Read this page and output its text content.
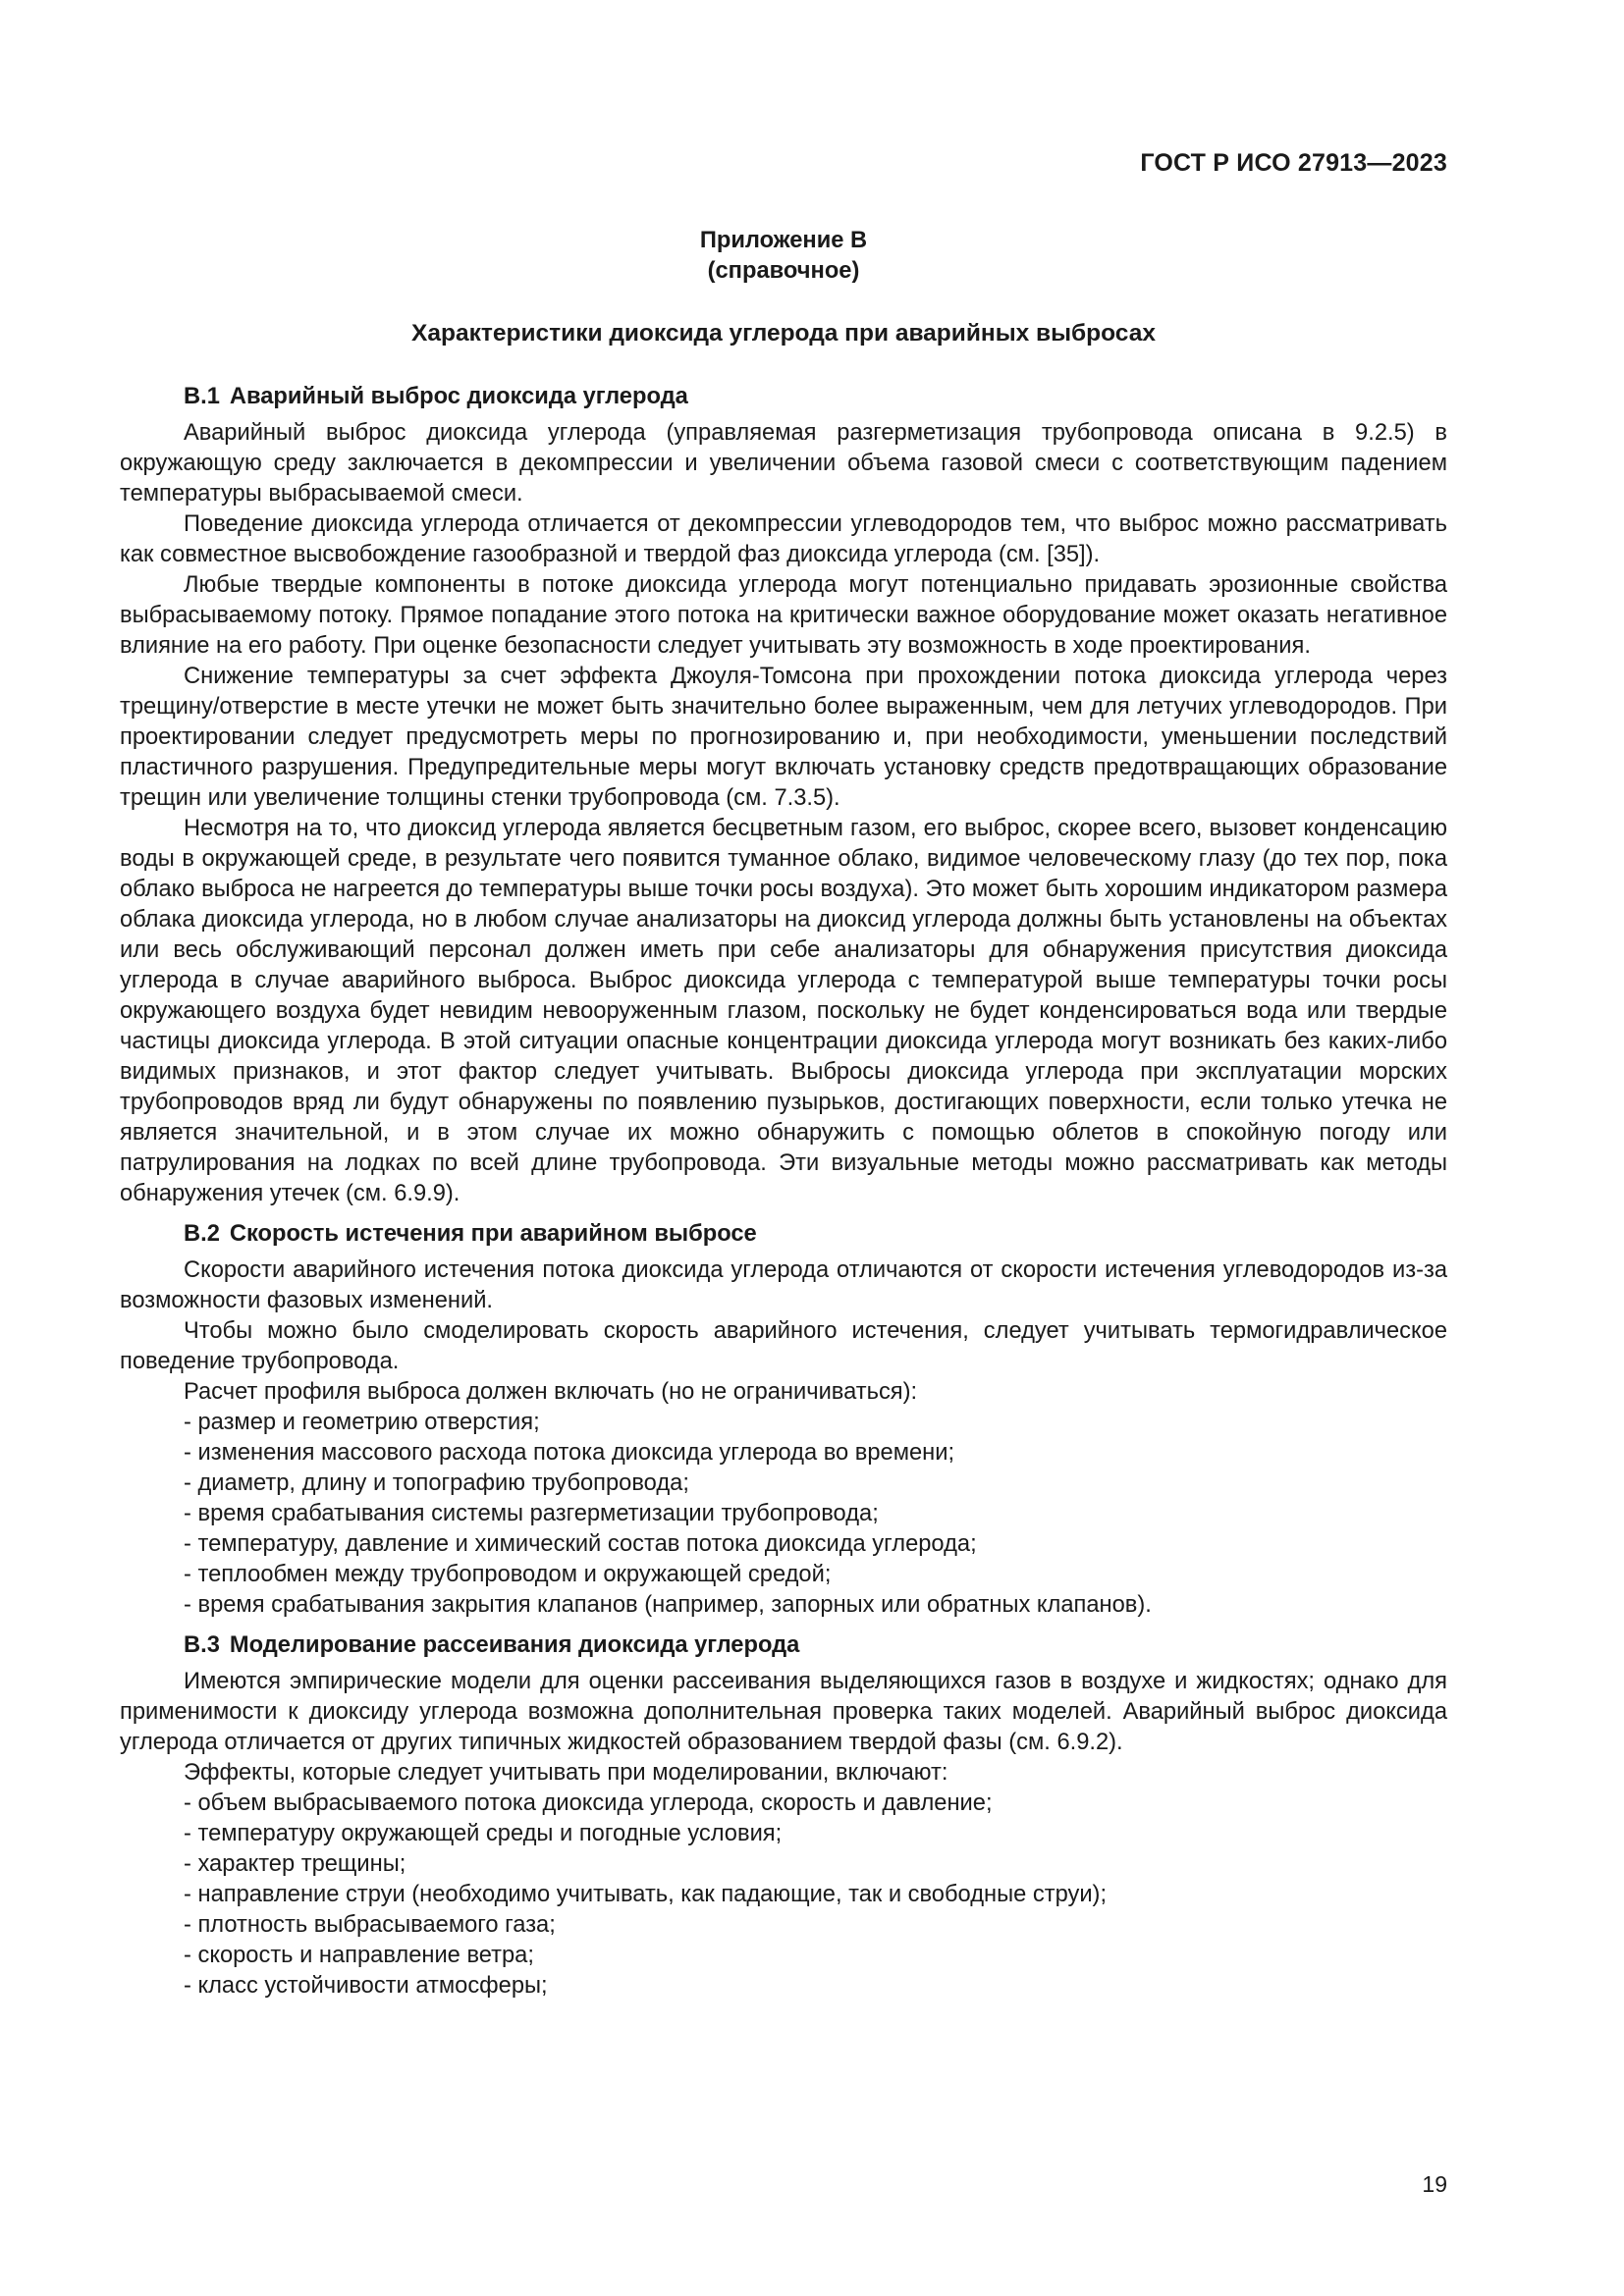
ГОСТ Р ИСО 27913—2023
Приложение В
(справочное)
Характеристики диоксида углерода при аварийных выбросах
В.1 Аварийный выброс диоксида углерода

Аварийный выброс диоксида углерода (управляемая разгерметизация трубопровода описана в 9.2.5) в окружающую среду заключается в декомпрессии и увеличении объема газовой смеси с соответствующим падением температуры выбрасываемой смеси.

Поведение диоксида углерода отличается от декомпрессии углеводородов тем, что выброс можно рассматривать как совместное высвобождение газообразной и твердой фаз диоксида углерода (см. [35]).

Любые твердые компоненты в потоке диоксида углерода могут потенциально придавать эрозионные свойства выбрасываемому потоку. Прямое попадание этого потока на критически важное оборудование может оказать негативное влияние на его работу. При оценке безопасности следует учитывать эту возможность в ходе проектирования.

Снижение температуры за счет эффекта Джоуля-Томсона при прохождении потока диоксида углерода через трещину/отверстие в месте утечки не может быть значительно более выраженным, чем для летучих углеводородов. При проектировании следует предусмотреть меры по прогнозированию и, при необходимости, уменьшении последствий пластичного разрушения. Предупредительные меры могут включать установку средств предотвращающих образование трещин или увеличение толщины стенки трубопровода (см. 7.3.5).

Несмотря на то, что диоксид углерода является бесцветным газом, его выброс, скорее всего, вызовет конденсацию воды в окружающей среде, в результате чего появится туманное облако, видимое человеческому глазу (до тех пор, пока облако выброса не нагреется до температуры выше точки росы воздуха). Это может быть хорошим индикатором размера облака диоксида углерода, но в любом случае анализаторы на диоксид углерода должны быть установлены на объектах или весь обслуживающий персонал должен иметь при себе анализаторы для обнаружения присутствия диоксида углерода в случае аварийного выброса. Выброс диоксида углерода с температурой выше температуры точки росы окружающего воздуха будет невидим невооруженным глазом, поскольку не будет конденсироваться вода или твердые частицы диоксида углерода. В этой ситуации опасные концентрации диоксида углерода могут возникать без каких-либо видимых признаков, и этот фактор следует учитывать. Выбросы диоксида углерода при эксплуатации морских трубопроводов вряд ли будут обнаружены по появлению пузырьков, достигающих поверхности, если только утечка не является значительной, и в этом случае их можно обнаружить с помощью облетов в спокойную погоду или патрулирования на лодках по всей длине трубопровода. Эти визуальные методы можно рассматривать как методы обнаружения утечек (см. 6.9.9).

В.2 Скорость истечения при аварийном выбросе

Скорости аварийного истечения потока диоксида углерода отличаются от скорости истечения углеводородов из-за возможности фазовых изменений.

Чтобы можно было смоделировать скорость аварийного истечения, следует учитывать термогидравлическое поведение трубопровода.

Расчет профиля выброса должен включать (но не ограничиваться):

- размер и геометрию отверстия;
- изменения массового расхода потока диоксида углерода во времени;
- диаметр, длину и топографию трубопровода;
- время срабатывания системы разгерметизации трубопровода;
- температуру, давление и химический состав потока диоксида углерода;
- теплообмен между трубопроводом и окружающей средой;
- время срабатывания закрытия клапанов (например, запорных или обратных клапанов).
В.3 Моделирование рассеивания диоксида углерода

Имеются эмпирические модели для оценки рассеивания выделяющихся газов в воздухе и жидкостях; однако для применимости к диоксиду углерода возможна дополнительная проверка таких моделей. Аварийный выброс диоксида углерода отличается от других типичных жидкостей образованием твердой фазы (см. 6.9.2).

Эффекты, которые следует учитывать при моделировании, включают:

- объем выбрасываемого потока диоксида углерода, скорость и давление;
- температуру окружающей среды и погодные условия;
- характер трещины;
- направление струи (необходимо учитывать, как падающие, так и свободные струи);
- плотность выбрасываемого газа;
- скорость и направление ветра;
- класс устойчивости атмосферы;
19
